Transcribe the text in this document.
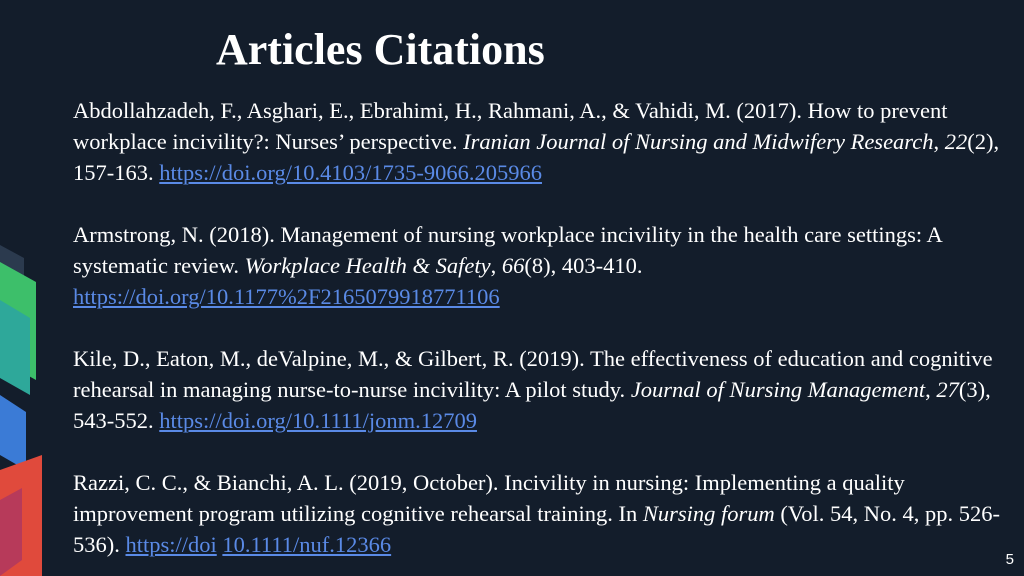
Articles Citations

Abdollahzadeh, F., Asghari, E., Ebrahimi, H., Rahmani, A., & Vahidi, M. (2017). How to prevent workplace incivility?: Nurses’ perspective. Iranian Journal of Nursing and Midwifery Research, 22(2), 157-163. https://doi.org/10.4103/1735-9066.205966

Armstrong, N. (2018). Management of nursing workplace incivility in the health care settings: A systematic review. Workplace Health & Safety, 66(8), 403-410. https://doi.org/10.1177%2F2165079918771106

Kile, D., Eaton, M., deValpine, M., & Gilbert, R. (2019). The effectiveness of education and cognitive rehearsal in managing nurse-to-nurse incivility: A pilot study. Journal of Nursing Management, 27(3), 543-552. https://doi.org/10.1111/jonm.12709

Razzi, C. C., & Bianchi, A. L. (2019, October). Incivility in nursing: Implementing a quality improvement program utilizing cognitive rehearsal training. In Nursing forum (Vol. 54, No. 4, pp. 526-536). https://doi 10.1111/nuf.12366

5
